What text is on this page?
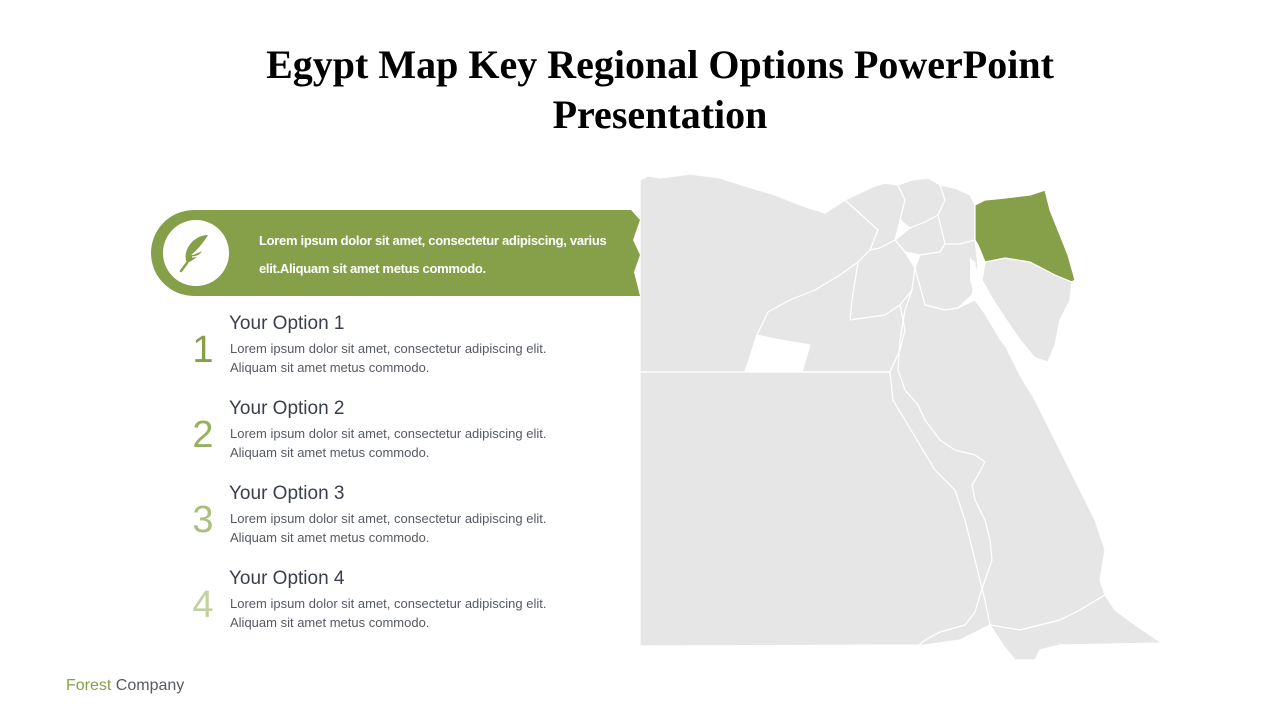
Egypt Map Key Regional Options PowerPoint Presentation
Lorem ipsum dolor sit amet, consectetur adipiscing, varius elit.Aliquam sit amet metus commodo.
1
Your Option 1
Lorem ipsum dolor sit amet, consectetur adipiscing elit. Aliquam sit amet metus commodo.
2
Your Option 2
Lorem ipsum dolor sit amet, consectetur adipiscing elit. Aliquam sit amet metus commodo.
3
Your Option 3
Lorem ipsum dolor sit amet, consectetur adipiscing elit. Aliquam sit amet metus commodo.
4
Your Option 4
Lorem ipsum dolor sit amet, consectetur adipiscing elit. Aliquam sit amet metus commodo.
Forest Company
